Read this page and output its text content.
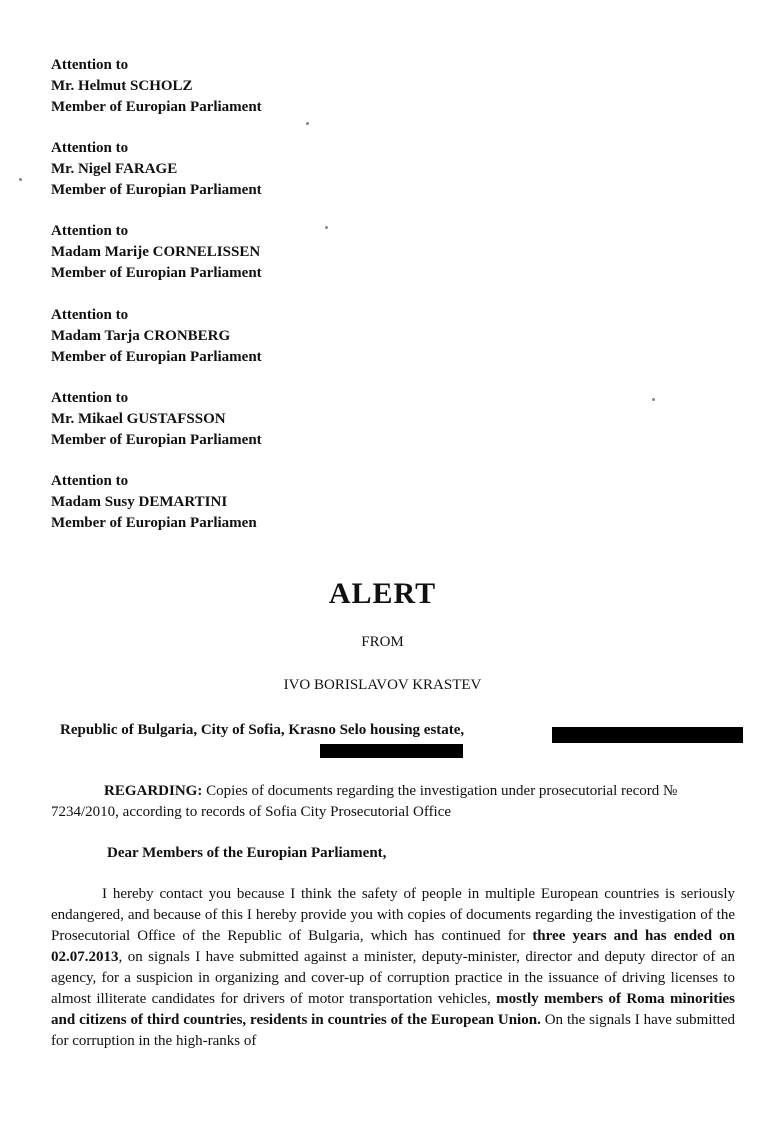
Attention to
Mr. Helmut SCHOLZ
Member of Europian Parliament
Attention to
Mr. Nigel FARAGE
Member of Europian Parliament
Attention to
Madam Marije CORNELISSEN
Member of Europian Parliament
Attention to
Madam Tarja CRONBERG
Member of Europian Parliament
Attention to
Mr. Mikael GUSTAFSSON
Member of Europian Parliament
Attention to
Madam Susy DEMARTINI
Member of Europian Parliamen
ALERT
FROM
IVO BORISLAVOV KRASTEV
Republic of Bulgaria, City of Sofia, Krasno Selo housing estate,
REGARDING: Copies of documents regarding the investigation under prosecutorial record № 7234/2010, according to records of Sofia City Prosecutorial Office
Dear Members of the Europian Parliament,
I hereby contact you because I think the safety of people in multiple European countries is seriously endangered, and because of this I hereby provide you with copies of documents regarding the investigation of the Prosecutorial Office of the Republic of Bulgaria, which has continued for three years and has ended on 02.07.2013, on signals I have submitted against a minister, deputy-minister, director and deputy director of an agency, for a suspicion in organizing and cover-up of corruption practice in the issuance of driving licenses to almost illiterate candidates for drivers of motor transportation vehicles, mostly members of Roma minorities and citizens of third countries, residents in countries of the European Union. On the signals I have submitted for corruption in the high-ranks of
